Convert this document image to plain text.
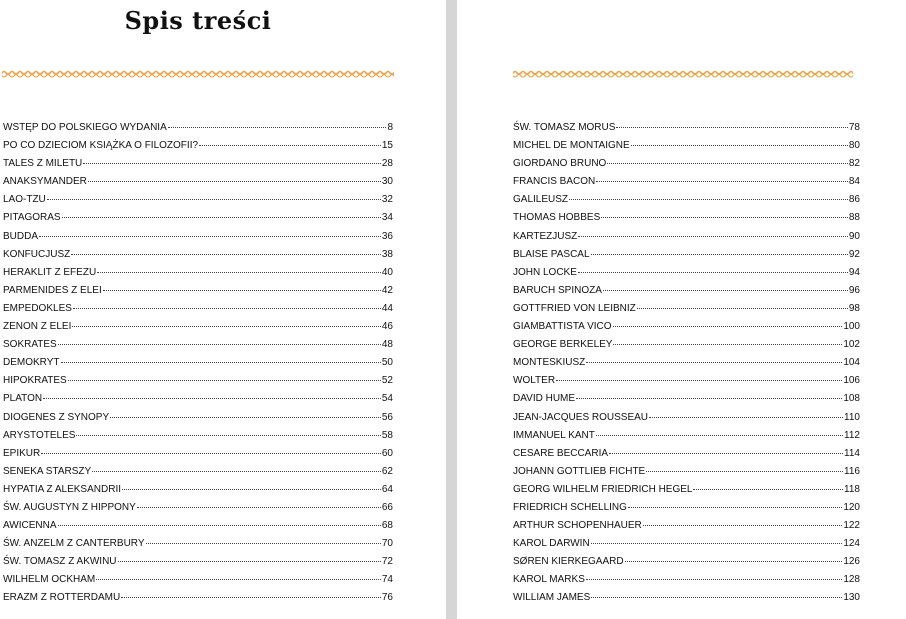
Spis treści
WSTĘP DO POLSKIEGO WYDANIA	8
PO CO DZIECIOM KSIĄŻKA O FILOZOFII?	15
TALES Z MILETU	28
ANAKSYMANDER	30
LAO-TZU	32
PITAGORAS	34
BUDDA	36
KONFUCJUSZ	38
HERAKLIT Z EFEZU	40
PARMENIDES Z ELEI	42
EMPEDOKLES	44
ZENON Z ELEI	46
SOKRATES	48
DEMOKRYT	50
HIPOKRATES	52
PLATON	54
DIOGENES Z SYNOPY	56
ARYSTOTELES	58
EPIKUR	60
SENEKA STARSZY	62
HYPATIA Z ALEKSANDRII	64
ŚW. AUGUSTYN Z HIPPONY	66
AWICENNA	68
ŚW. ANZELM Z CANTERBURY	70
ŚW. TOMASZ Z AKWINU	72
WILHELM OCKHAM	74
ERAZM Z ROTTERDAMU	76
ŚW. TOMASZ MORUS	78
MICHEL DE MONTAIGNE	80
GIORDANO BRUNO	82
FRANCIS BACON	84
GALILEUSZ	86
THOMAS HOBBES	88
KARTEZJUSZ	90
BLAISE PASCAL	92
JOHN LOCKE	94
BARUCH SPINOZA	96
GOTTFRIED VON LEIBNIZ	98
GIAMBATTISTA VICO	100
GEORGE BERKELEY	102
MONTESKIUSZ	104
WOLTER	106
DAVID HUME	108
JEAN-JACQUES ROUSSEAU	110
IMMANUEL KANT	112
CESARE BECCARIA	114
JOHANN GOTTLIEB FICHTE	116
GEORG WILHELM FRIEDRICH HEGEL	118
FRIEDRICH SCHELLING	120
ARTHUR SCHOPENHAUER	122
KAROL DARWIN	124
SØREN KIERKEGAARD	126
KAROL MARKS	128
WILLIAM JAMES	130
